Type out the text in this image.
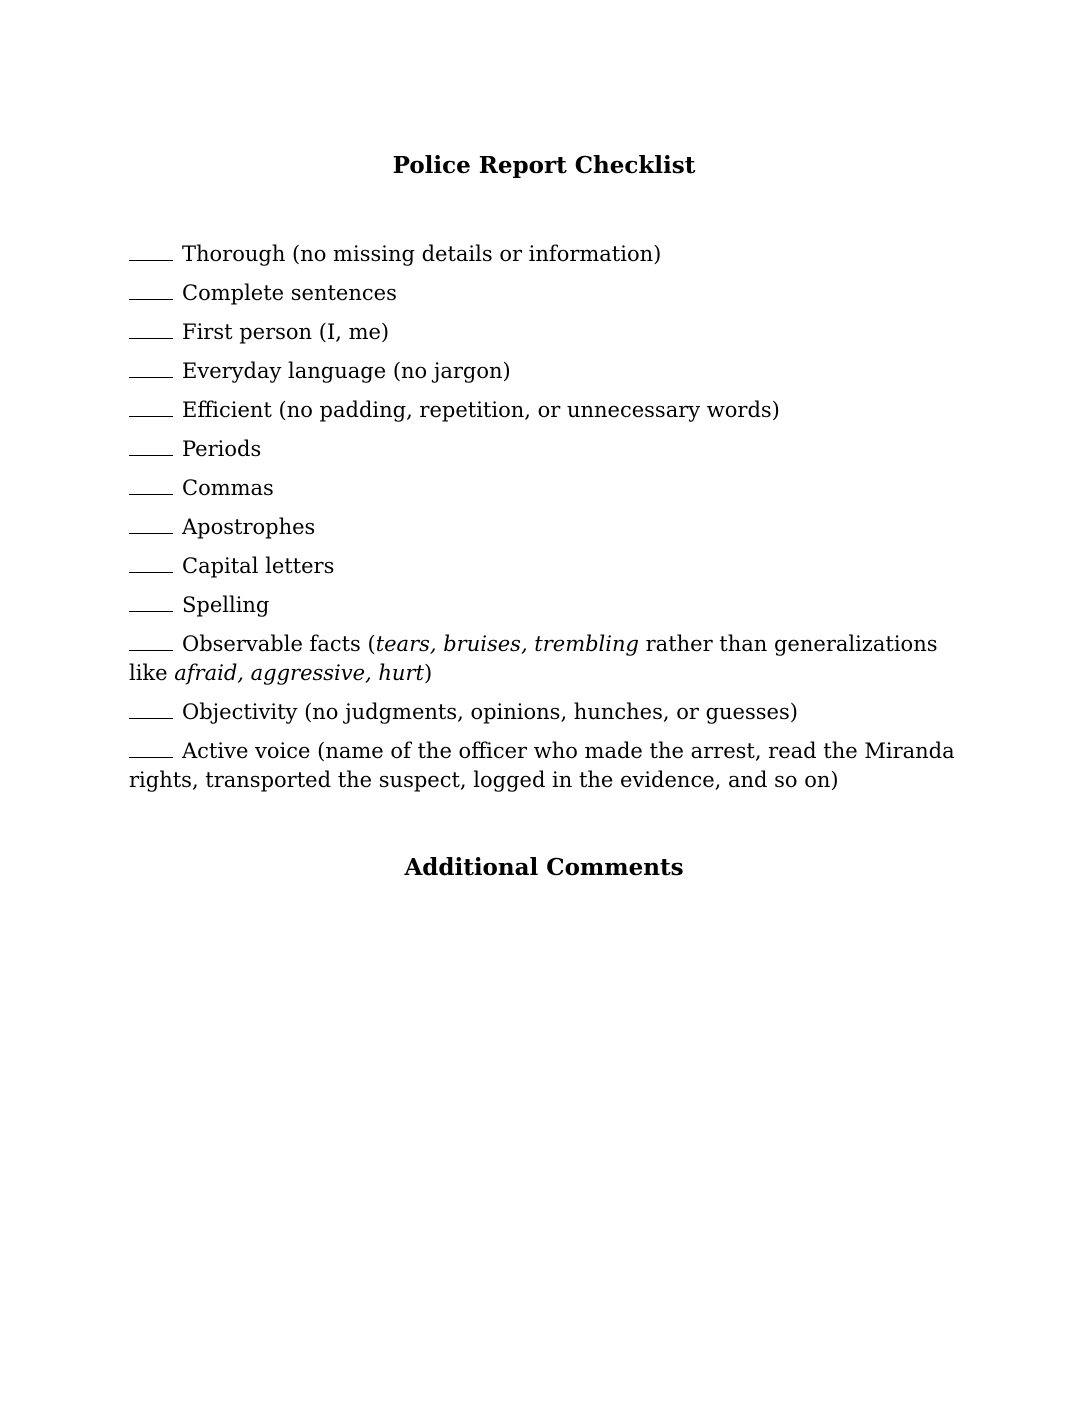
Police Report Checklist
Thorough (no missing details or information)
Complete sentences
First person (I, me)
Everyday language (no jargon)
Efficient (no padding, repetition, or unnecessary words)
Periods
Commas
Apostrophes
Capital letters
Spelling
Observable facts (tears, bruises, trembling rather than generalizations like afraid, aggressive, hurt)
Objectivity (no judgments, opinions, hunches, or guesses)
Active voice (name of the officer who made the arrest, read the Miranda rights, transported the suspect, logged in the evidence, and so on)
Additional Comments
